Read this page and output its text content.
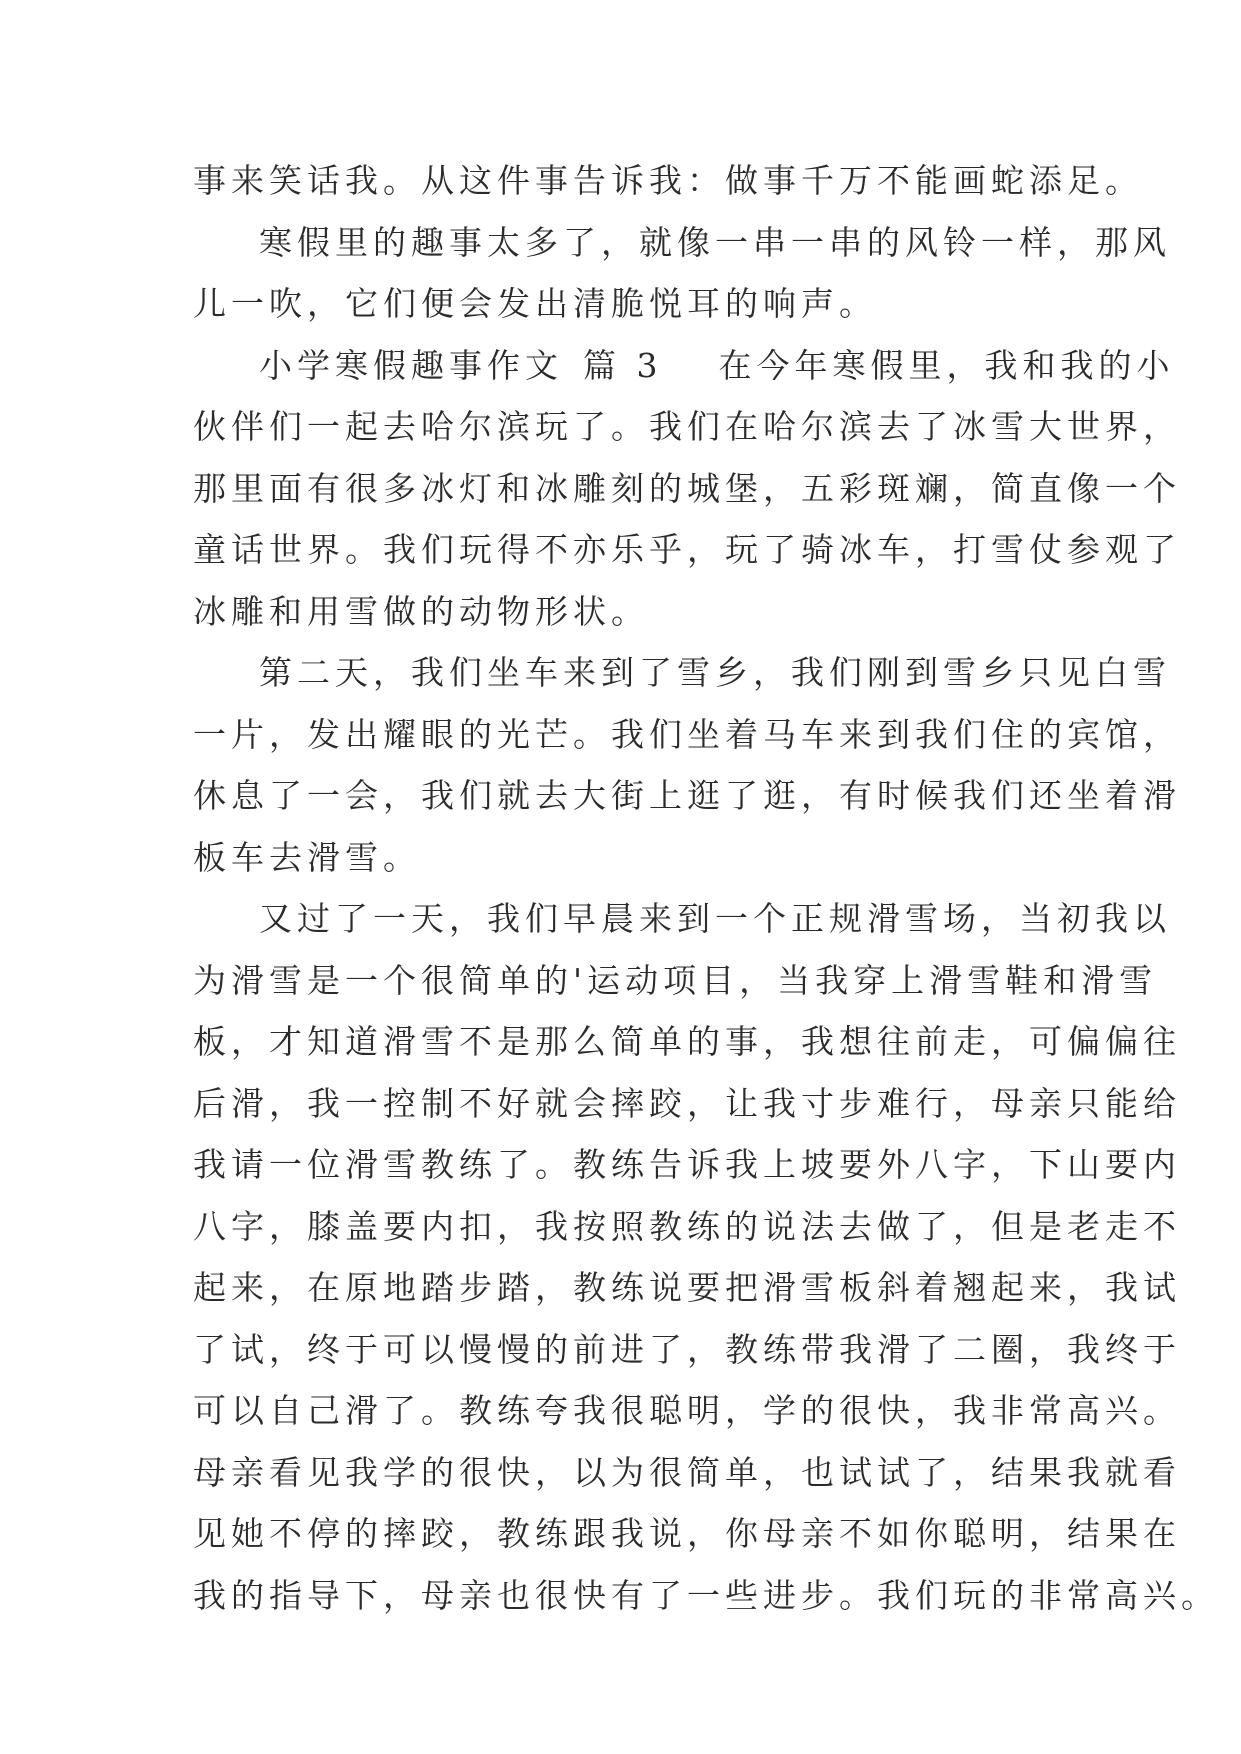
事来笑话我。从这件事告诉我：做事千万不能画蛇添足。
寒假里的趣事太多了，就像一串一串的风铃一样，那风
儿一吹，它们便会发出清脆悦耳的响声。
小学寒假趣事作文 篇 3 在今年寒假里，我和我的小
伙伴们一起去哈尔滨玩了。我们在哈尔滨去了冰雪大世界，
那里面有很多冰灯和冰雕刻的城堡，五彩斑斓，简直像一个
童话世界。我们玩得不亦乐乎，玩了骑冰车，打雪仗参观了
冰雕和用雪做的动物形状。
第二天，我们坐车来到了雪乡，我们刚到雪乡只见白雪
一片，发出耀眼的光芒。我们坐着马车来到我们住的宾馆，
休息了一会，我们就去大街上逛了逛，有时候我们还坐着滑
板车去滑雪。
又过了一天，我们早晨来到一个正规滑雪场，当初我以
为滑雪是一个很简单的'运动项目，当我穿上滑雪鞋和滑雪
板，才知道滑雪不是那么简单的事，我想往前走，可偏偏往
后滑，我一控制不好就会摔跤，让我寸步难行，母亲只能给
我请一位滑雪教练了。教练告诉我上坡要外八字，下山要内
八字，膝盖要内扣，我按照教练的说法去做了，但是老走不
起来，在原地踏步踏，教练说要把滑雪板斜着翘起来，我试
了试，终于可以慢慢的前进了，教练带我滑了二圈，我终于
可以自己滑了。教练夸我很聪明，学的很快，我非常高兴。
母亲看见我学的很快，以为很简单，也试试了，结果我就看
见她不停的摔跤，教练跟我说，你母亲不如你聪明，结果在
我的指导下，母亲也很快有了一些进步。我们玩的非常高兴。
